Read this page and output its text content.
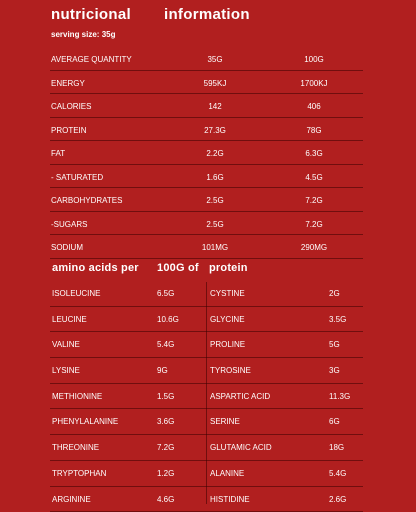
nutricional information
serving size: 35g
AVERAGE QUANTITY	35G	100G
ENERGY	595KJ	1700KJ
CALORIES	142	406
PROTEIN	27.3G	78G
FAT	2.2G	6.3G
- SATURATED	1.6G	4.5G
CARBOHYDRATES	2.5G	7.2G
-SUGARS	2.5G	7.2G
SODIUM	101MG	290MG
amino acids per 100G of protein
ISOLEUCINE	6.5G	CYSTINE	2G
LEUCINE	10.6G	GLYCINE	3.5G
VALINE	5.4G	PROLINE	5G
LYSINE	9G	TYROSINE	3G
METHIONINE	1.5G	ASPARTIC ACID	11.3G
PHENYLALANINE	3.6G	SERINE	6G
THREONINE	7.2G	GLUTAMIC ACID	18G
TRYPTOPHAN	1.2G	ALANINE	5.4G
ARGININE	4.6G	HISTIDINE	2.6G
